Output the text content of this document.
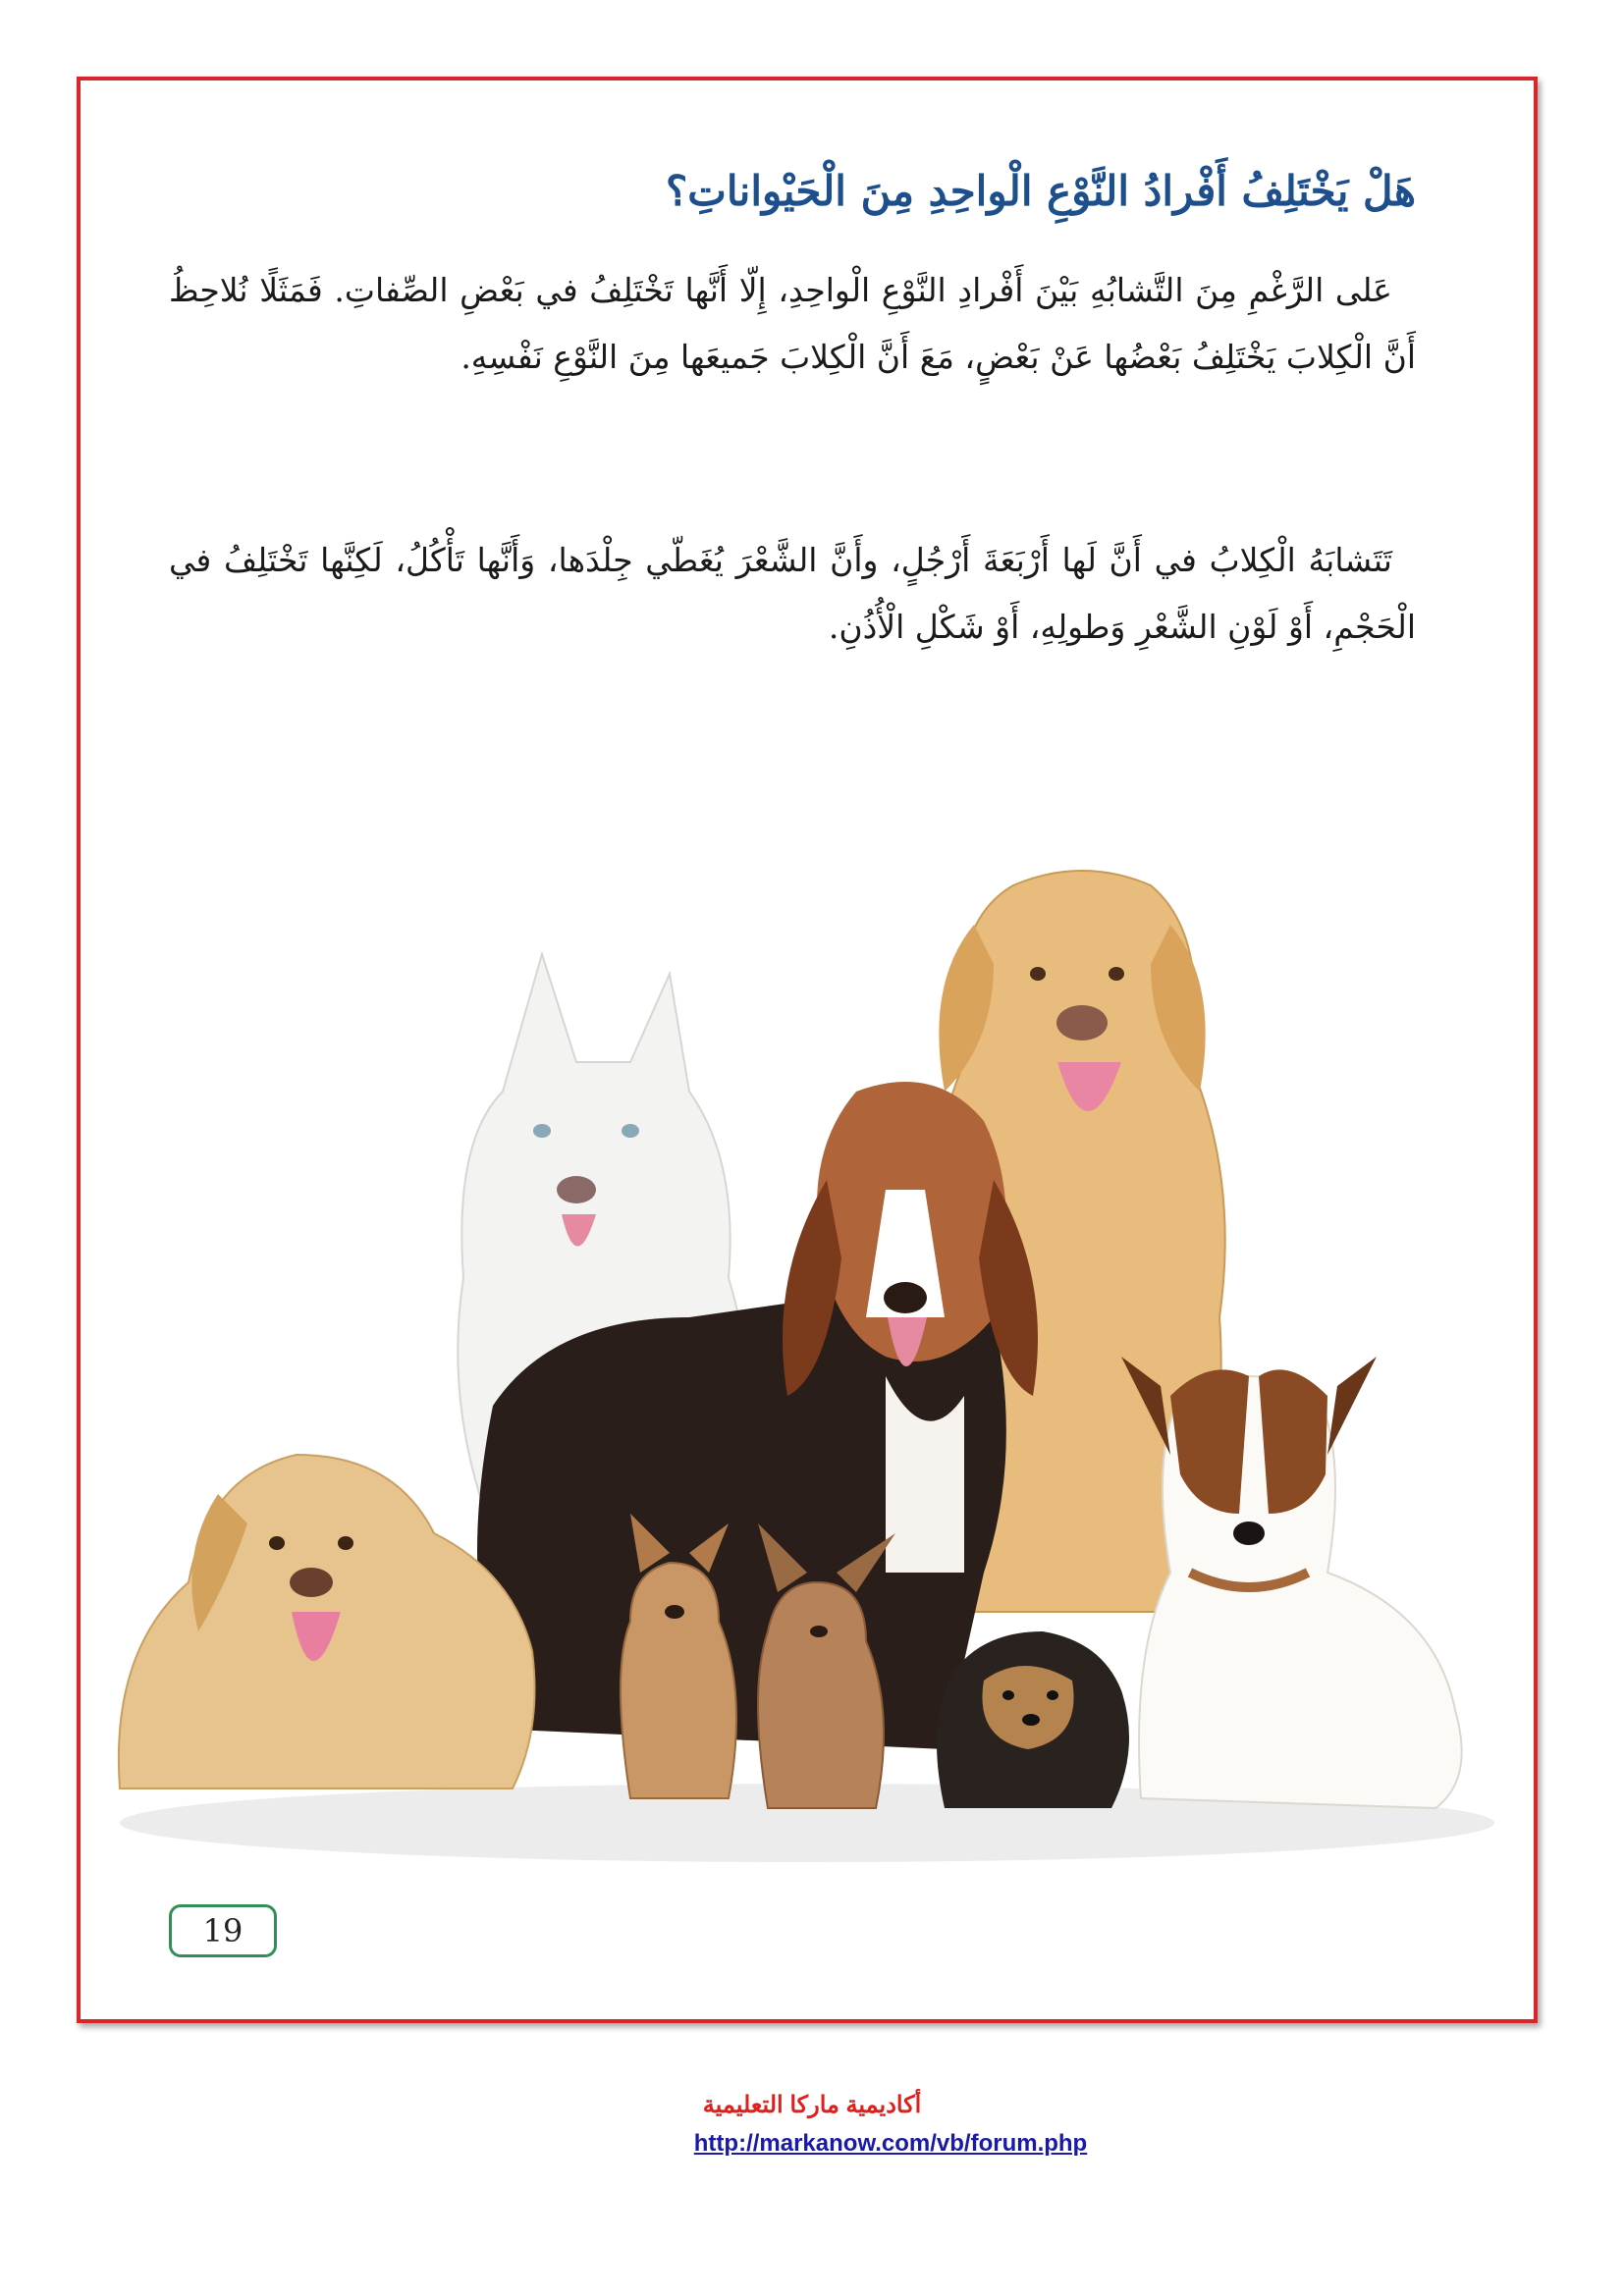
هَلْ يَخْتَلِفُ أَفْرادُ النَّوْعِ الْواحِدِ مِنَ الْحَيْواناتِ؟

عَلى الرَّغْمِ مِنَ التَّشابُهِ بَيْنَ أَفْرادِ النَّوْعِ الْواحِدِ، إِلّا أَنَّها تَخْتَلِفُ في بَعْضِ الصِّفاتِ. فَمَثَلًا نُلاحِظُ أَنَّ الْكِلابَ يَخْتَلِفُ بَعْضُها عَنْ بَعْضٍ، مَعَ أَنَّ الْكِلابَ جَميعَها مِنَ النَّوْعِ نَفْسِهِ.

تَتَشابَهُ الْكِلابُ في أَنَّ لَها أَرْبَعَةَ أَرْجُلٍ، وأَنَّ الشَّعْرَ يُغَطّي جِلْدَها، وَأَنَّها تَأْكُلُ، لَكِنَّها تَخْتَلِفُ في الْحَجْمِ، أَوْ لَوْنِ الشَّعْرِ وَطولِهِ، أَوْ شَكْلِ الْأُذُنِ.

19
أكاديمية ماركا التعليمية
http://markanow.com/vb/forum.php
